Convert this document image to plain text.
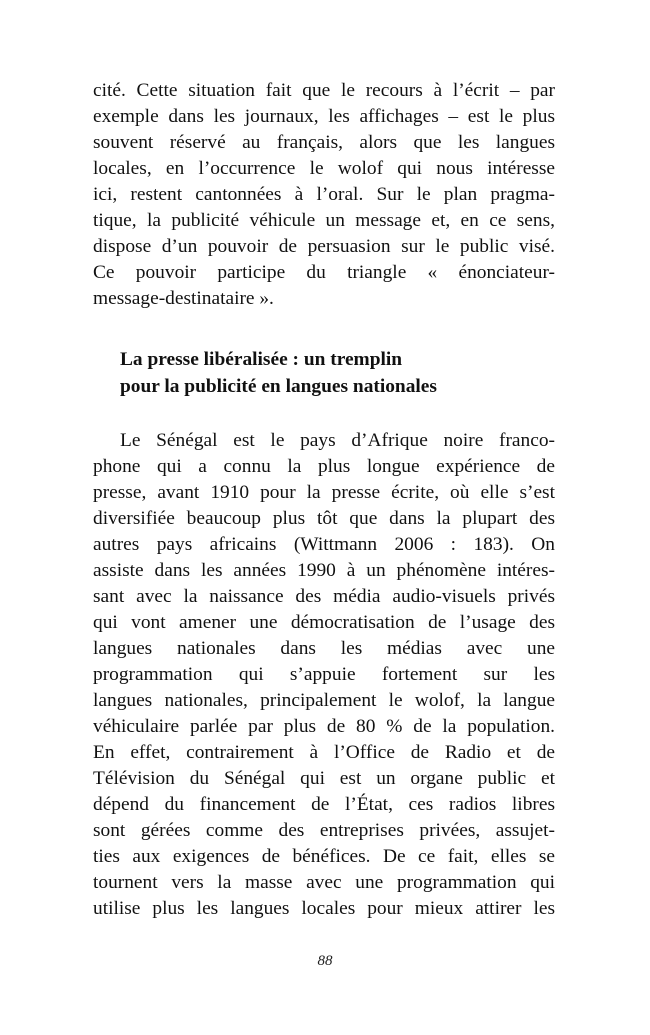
cité. Cette situation fait que le recours à l’écrit – par
exemple dans les journaux, les affichages – est le plus
souvent réservé au français, alors que les langues
locales, en l’occurrence le wolof qui nous intéresse
ici, restent cantonnées à l’oral. Sur le plan pragma-
tique, la publicité véhicule un message et, en ce sens,
dispose d’un pouvoir de persuasion sur le public visé.
Ce pouvoir participe du triangle « énonciateur-
message-destinataire ».

La presse libéralisée : un tremplin
pour la publicité en langues nationales

Le Sénégal est le pays d’Afrique noire franco-
phone qui a connu la plus longue expérience de
presse, avant 1910 pour la presse écrite, où elle s’est
diversifiée beaucoup plus tôt que dans la plupart des
autres pays africains (Wittmann 2006 : 183). On
assiste dans les années 1990 à un phénomène intéres-
sant avec la naissance des média audio-visuels privés
qui vont amener une démocratisation de l’usage des
langues nationales dans les médias avec une
programmation qui s’appuie fortement sur les
langues nationales, principalement le wolof, la langue
véhiculaire parlée par plus de 80 % de la population.
En effet, contrairement à l’Office de Radio et de
Télévision du Sénégal qui est un organe public et
dépend du financement de l’État, ces radios libres
sont gérées comme des entreprises privées, assujet-
ties aux exigences de bénéfices. De ce fait, elles se
tournent vers la masse avec une programmation qui
utilise plus les langues locales pour mieux attirer les

88
